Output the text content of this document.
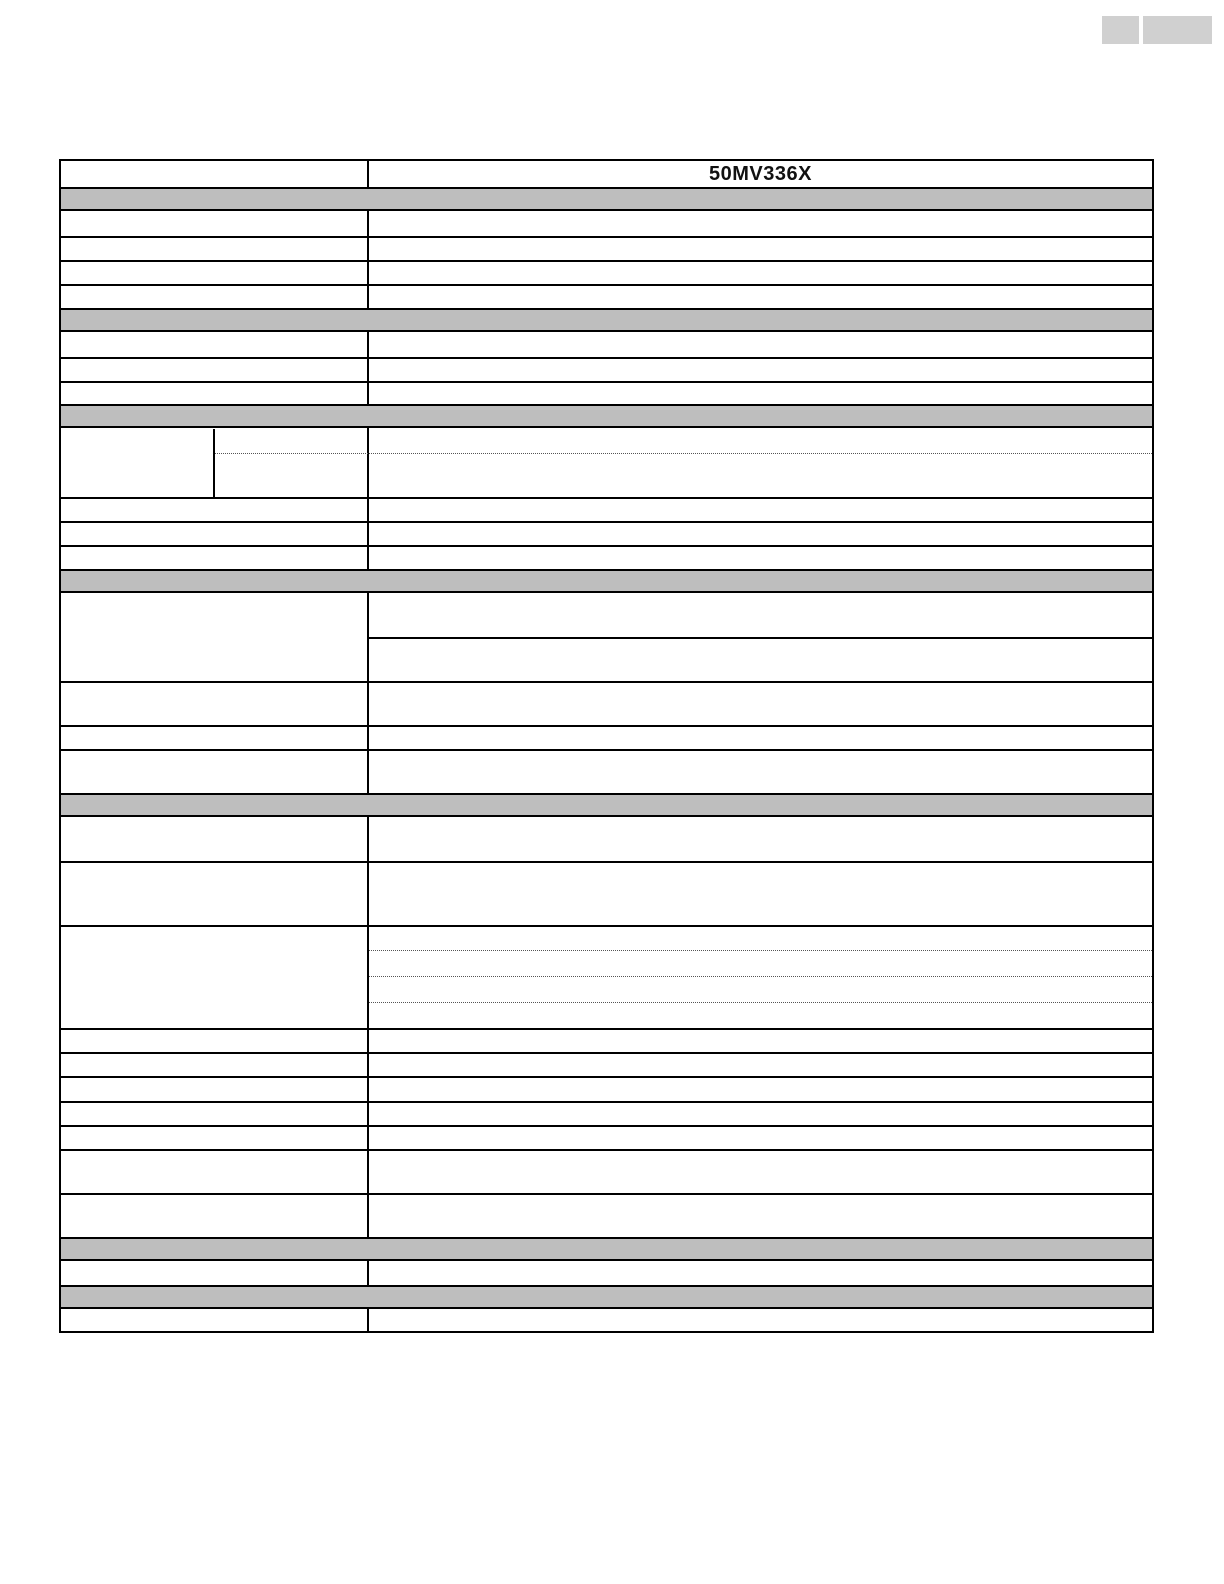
50MV336X
